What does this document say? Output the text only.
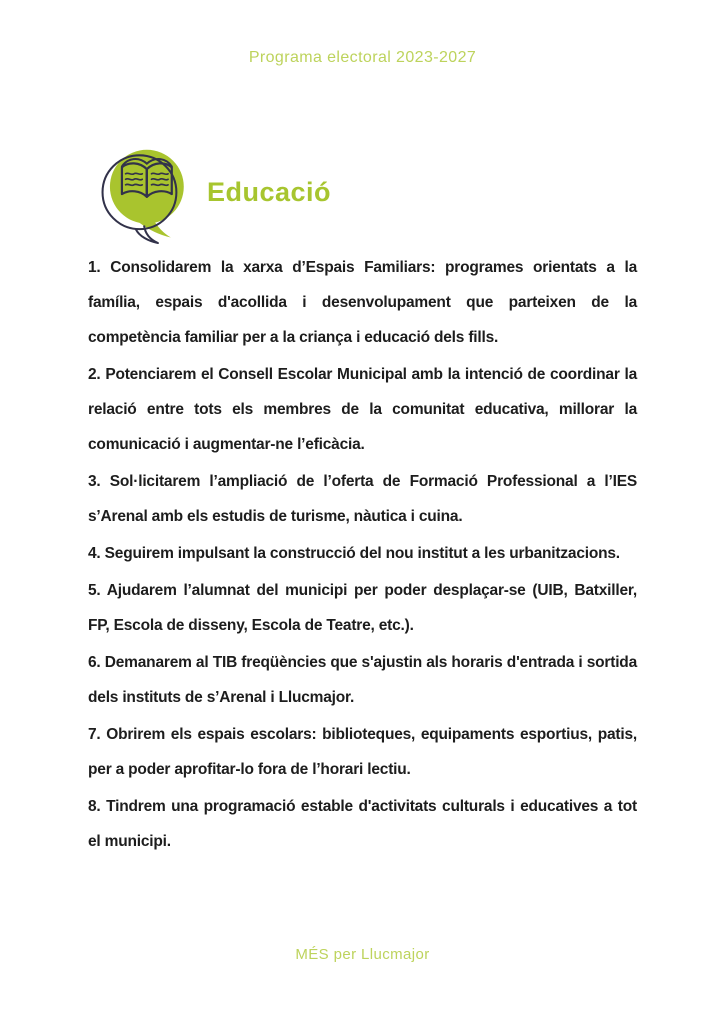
Programa electoral 2023-2027
Educació

1. Consolidarem la xarxa d’Espais Familiars: programes orientats a la família, espais d'acollida i desenvolupament que parteixen de la competència familiar per a la criança i educació dels fills.

2. Potenciarem el Consell Escolar Municipal amb la intenció de coordinar la relació entre tots els membres de la comunitat educativa, millorar la comunicació i augmentar-ne l’eficàcia.

3. Sol·licitarem l’ampliació de l’oferta de Formació Professional a l’IES s’Arenal amb els estudis de turisme, nàutica i cuina.

4. Seguirem impulsant la construcció del nou institut a les urbanitzacions.

5. Ajudarem l’alumnat del municipi per poder desplaçar-se (UIB, Batxiller, FP, Escola de disseny, Escola de Teatre, etc.).

6. Demanarem al TIB freqüències que s'ajustin als horaris d'entrada i sortida dels instituts de s’Arenal i Llucmajor.

7. Obrirem els espais escolars: biblioteques, equipaments esportius, patis, per a poder aprofitar-lo fora de l’horari lectiu.

8. Tindrem una programació estable d'activitats culturals i educatives a tot el municipi.

MÉS per Llucmajor
